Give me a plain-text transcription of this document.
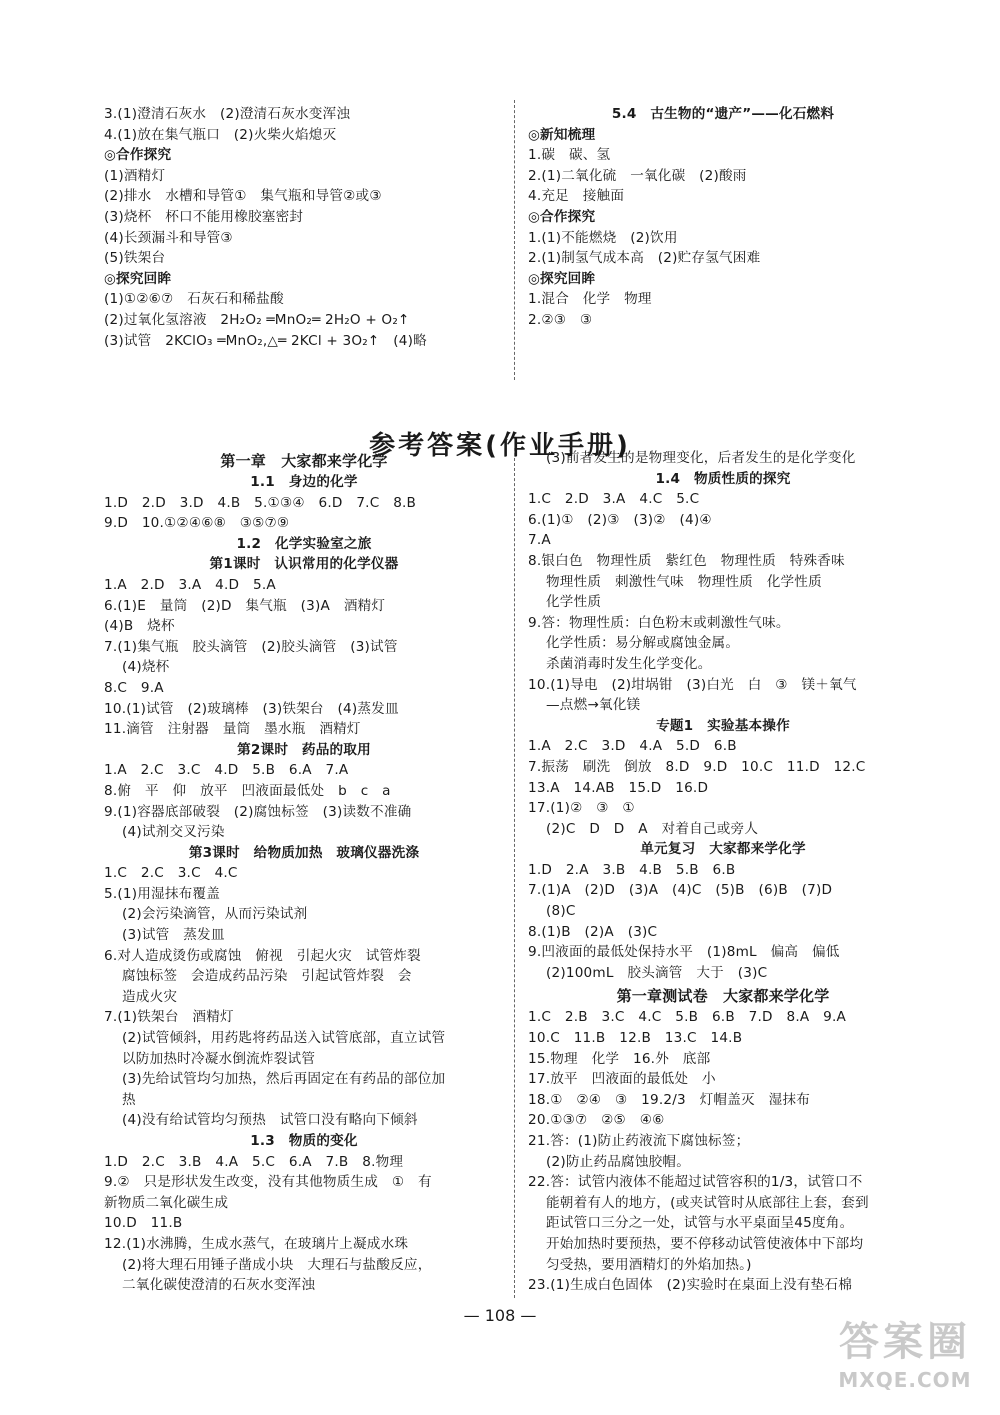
3.(1)澄清石灰水　(2)澄清石灰水变浑浊
4.(1)放在集气瓶口　(2)火柴火焰熄灭
◎合作探究
(1)酒精灯
(2)排水　水槽和导管①　集气瓶和导管②或③
(3)烧杯　杯口不能用橡胶塞密封
(4)长颈漏斗和导管③
(5)铁架台
◎探究回眸
(1)①②⑥⑦　石灰石和稀盐酸
(2)过氧化氢溶液　2H₂O₂ ═MnO₂═ 2H₂O + O₂↑
(3)试管　2KClO₃ ═MnO₂,△═ 2KCl + 3O₂↑　(4)略
5.4　古生物的“遗产”——化石燃料
◎新知梳理
1.碳　碳、氢
2.(1)二氧化硫　一氧化碳　(2)酸雨
4.充足　接触面
◎合作探究
1.(1)不能燃烧　(2)饮用
2.(1)制氢气成本高　(2)贮存氢气困难
◎探究回眸
1.混合　化学　物理
2.②③　③
参考答案(作业手册)
第一章　大家都来学化学
1.1　身边的化学
1.D　2.D　3.D　4.B　5.①③④　6.D　7.C　8.B
9.D　10.①②④⑥⑧　③⑤⑦⑨
1.2　化学实验室之旅
第1课时　认识常用的化学仪器
1.A　2.D　3.A　4.D　5.A
6.(1)E　量筒　(2)D　集气瓶　(3)A　酒精灯
(4)B　烧杯
7.(1)集气瓶　胶头滴管　(2)胶头滴管　(3)试管
(4)烧杯
8.C　9.A
10.(1)试管　(2)玻璃棒　(3)铁架台　(4)蒸发皿
11.滴管　注射器　量筒　墨水瓶　酒精灯
第2课时　药品的取用
1.A　2.C　3.C　4.D　5.B　6.A　7.A
8.俯　平　仰　放平　凹液面最低处　b　c　a
9.(1)容器底部破裂　(2)腐蚀标签　(3)读数不准确
(4)试剂交叉污染
第3课时　给物质加热　玻璃仪器洗涤
1.C　2.C　3.C　4.C
5.(1)用湿抹布覆盖
(2)会污染滴管，从而污染试剂
(3)试管　蒸发皿
6.对人造成烫伤或腐蚀　俯视　引起火灾　试管炸裂
腐蚀标签　会造成药品污染　引起试管炸裂　会
造成火灾
7.(1)铁架台　酒精灯
(2)试管倾斜，用药匙将药品送入试管底部，直立试管
以防加热时冷凝水倒流炸裂试管
(3)先给试管均匀加热，然后再固定在有药品的部位加
热
(4)没有给试管均匀预热　试管口没有略向下倾斜
1.3　物质的变化
1.D　2.C　3.B　4.A　5.C　6.A　7.B　8.物理
9.②　只是形状发生改变，没有其他物质生成　①　有
新物质二氧化碳生成
10.D　11.B
12.(1)水沸腾，生成水蒸气，在玻璃片上凝成水珠
(2)将大理石用锤子凿成小块　大理石与盐酸反应，
二氧化碳使澄清的石灰水变浑浊
(3)前者发生的是物理变化，后者发生的是化学变化
1.4　物质性质的探究
1.C　2.D　3.A　4.C　5.C
6.(1)①　(2)③　(3)②　(4)④
7.A
8.银白色　物理性质　紫红色　物理性质　特殊香味
物理性质　刺激性气味　物理性质　化学性质
化学性质
9.答：物理性质：白色粉末或刺激性气味。
化学性质：易分解或腐蚀金属。
杀菌消毒时发生化学变化。
10.(1)导电　(2)坩埚钳　(3)白光　白　③　镁＋氧气
—点燃→氧化镁
专题1　实验基本操作
1.A　2.C　3.D　4.A　5.D　6.B
7.振荡　刷洗　倒放　8.D　9.D　10.C　11.D　12.C
13.A　14.AB　15.D　16.D
17.(1)②　③　①
(2)C　D　D　A　对着自己或旁人
单元复习　大家都来学化学
1.D　2.A　3.B　4.B　5.B　6.B
7.(1)A　(2)D　(3)A　(4)C　(5)B　(6)B　(7)D
(8)C
8.(1)B　(2)A　(3)C
9.凹液面的最低处保持水平　(1)8mL　偏高　偏低
(2)100mL　胶头滴管　大于　(3)C
第一章测试卷　大家都来学化学
1.C　2.B　3.C　4.C　5.B　6.B　7.D　8.A　9.A
10.C　11.B　12.B　13.C　14.B
15.物理　化学　16.外　底部
17.放平　凹液面的最低处　小
18.①　②④　③　19.2/3　灯帽盖灭　湿抹布
20.①③⑦　②⑤　④⑥
21.答：(1)防止药液流下腐蚀标签；
(2)防止药品腐蚀胶帽。
22.答：试管内液体不能超过试管容积的1/3，试管口不
能朝着有人的地方，(或夹试管时从底部往上套，套到
距试管口三分之一处，试管与水平桌面呈45度角。
开始加热时要预热，要不停移动试管使液体中下部均
匀受热，要用酒精灯的外焰加热。)
23.(1)生成白色固体　(2)实验时在桌面上没有垫石棉
— 108 —
答案圈
MXQE.COM
